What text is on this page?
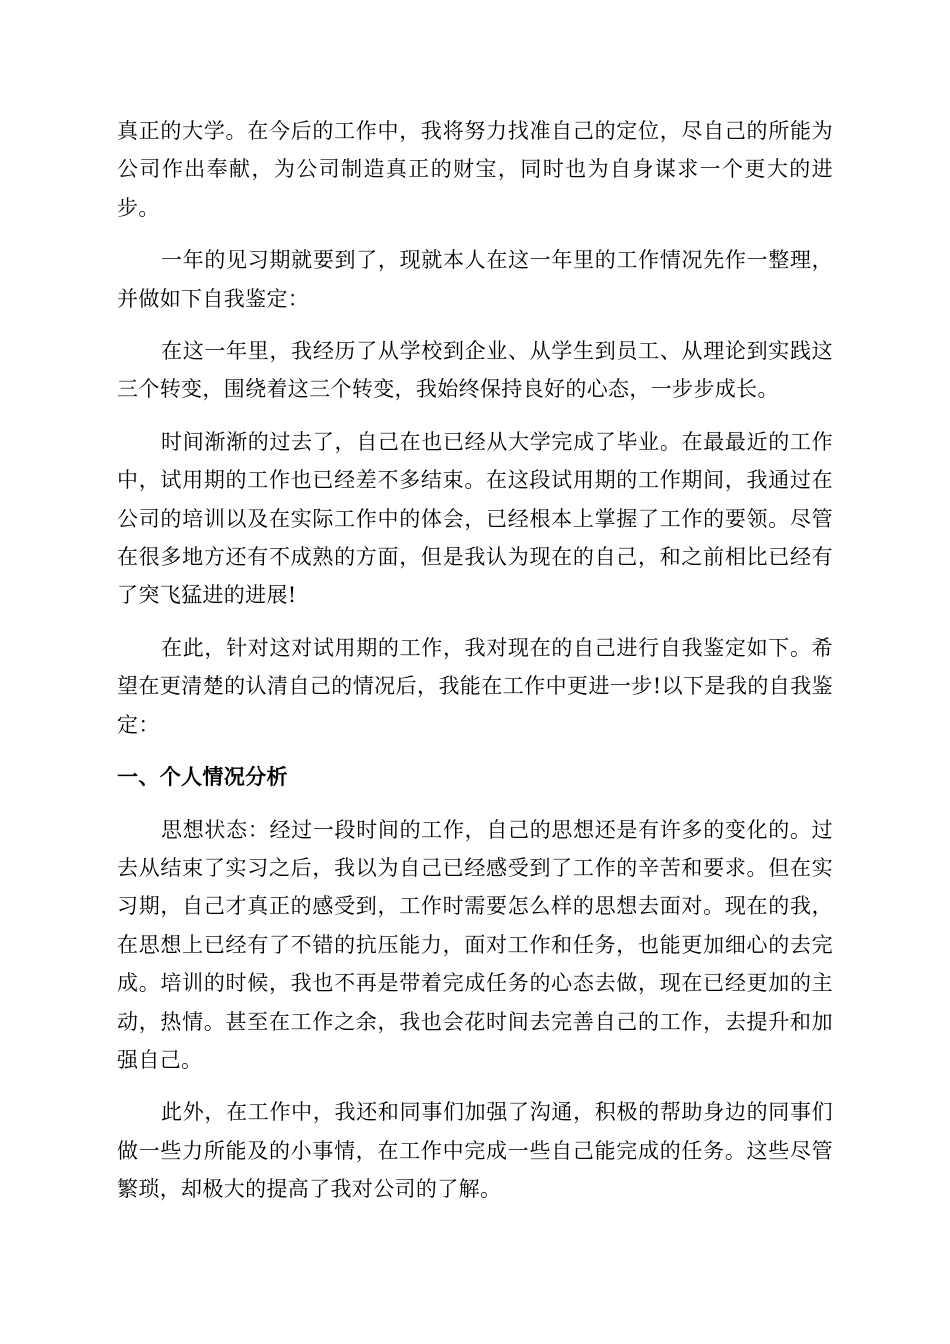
真正的大学。在今后的工作中，我将努力找准自己的定位，尽自己的所能为公司作出奉献，为公司制造真正的财宝，同时也为自身谋求一个更大的进步。

一年的见习期就要到了，现就本人在这一年里的工作情况先作一整理，并做如下自我鉴定：

在这一年里，我经历了从学校到企业、从学生到员工、从理论到实践这三个转变，围绕着这三个转变，我始终保持良好的心态，一步步成长。

时间渐渐的过去了，自己在也已经从大学完成了毕业。在最最近的工作中，试用期的工作也已经差不多结束。在这段试用期的工作期间，我通过在公司的培训以及在实际工作中的体会，已经根本上掌握了工作的要领。尽管在很多地方还有不成熟的方面，但是我认为现在的自己，和之前相比已经有了突飞猛进的进展!

在此，针对这对试用期的工作，我对现在的自己进行自我鉴定如下。希望在更清楚的认清自己的情况后，我能在工作中更进一步!以下是我的自我鉴定：

一、个人情况分析

思想状态：经过一段时间的工作，自己的思想还是有许多的变化的。过去从结束了实习之后，我以为自己已经感受到了工作的辛苦和要求。但在实习期，自己才真正的感受到，工作时需要怎么样的思想去面对。现在的我，在思想上已经有了不错的抗压能力，面对工作和任务，也能更加细心的去完成。培训的时候，我也不再是带着完成任务的心态去做，现在已经更加的主动，热情。甚至在工作之余，我也会花时间去完善自己的工作，去提升和加强自己。

此外，在工作中，我还和同事们加强了沟通，积极的帮助身边的同事们做一些力所能及的小事情，在工作中完成一些自己能完成的任务。这些尽管繁琐，却极大的提高了我对公司的了解。
